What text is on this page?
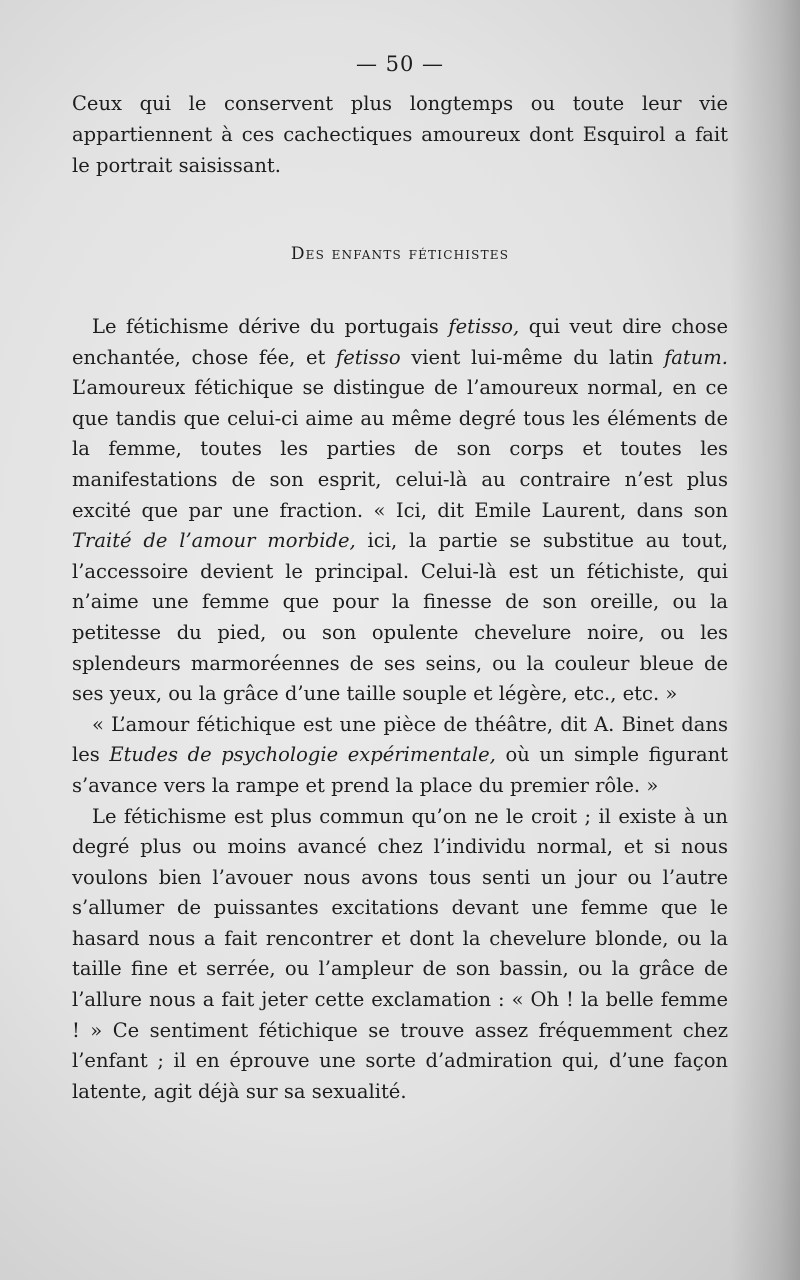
— 50 —

Ceux qui le conservent plus longtemps ou toute leur vie appartiennent à ces cachectiques amoureux dont Esquirol a fait le portrait saisissant.

Des enfants fétichistes

Le fétichisme dérive du portugais fetisso, qui veut dire chose enchantée, chose fée, et fetisso vient lui-même du latin fatum. L’amoureux fétichique se distingue de l’amoureux normal, en ce que tandis que celui-ci aime au même degré tous les éléments de la femme, toutes les parties de son corps et toutes les manifestations de son esprit, celui-là au contraire n’est plus excité que par une fraction. « Ici, dit Emile Laurent, dans son Traité de l’amour morbide, ici, la partie se substitue au tout, l’accessoire devient le principal. Celui-là est un fétichiste, qui n’aime une femme que pour la finesse de son oreille, ou la petitesse du pied, ou son opulente chevelure noire, ou les splendeurs marmoréennes de ses seins, ou la couleur bleue de ses yeux, ou la grâce d’une taille souple et légère, etc., etc. »

« L’amour fétichique est une pièce de théâtre, dit A. Binet dans les Etudes de psychologie expérimentale, où un simple figurant s’avance vers la rampe et prend la place du premier rôle. »

Le fétichisme est plus commun qu’on ne le croit ; il existe à un degré plus ou moins avancé chez l’individu normal, et si nous voulons bien l’avouer nous avons tous senti un jour ou l’autre s’allumer de puissantes excitations devant une femme que le hasard nous a fait rencontrer et dont la chevelure blonde, ou la taille fine et serrée, ou l’ampleur de son bassin, ou la grâce de l’allure nous a fait jeter cette exclamation : « Oh ! la belle femme ! » Ce sentiment fétichique se trouve assez fréquemment chez l’enfant ; il en éprouve une sorte d’admiration qui, d’une façon latente, agit déjà sur sa sexualité.
